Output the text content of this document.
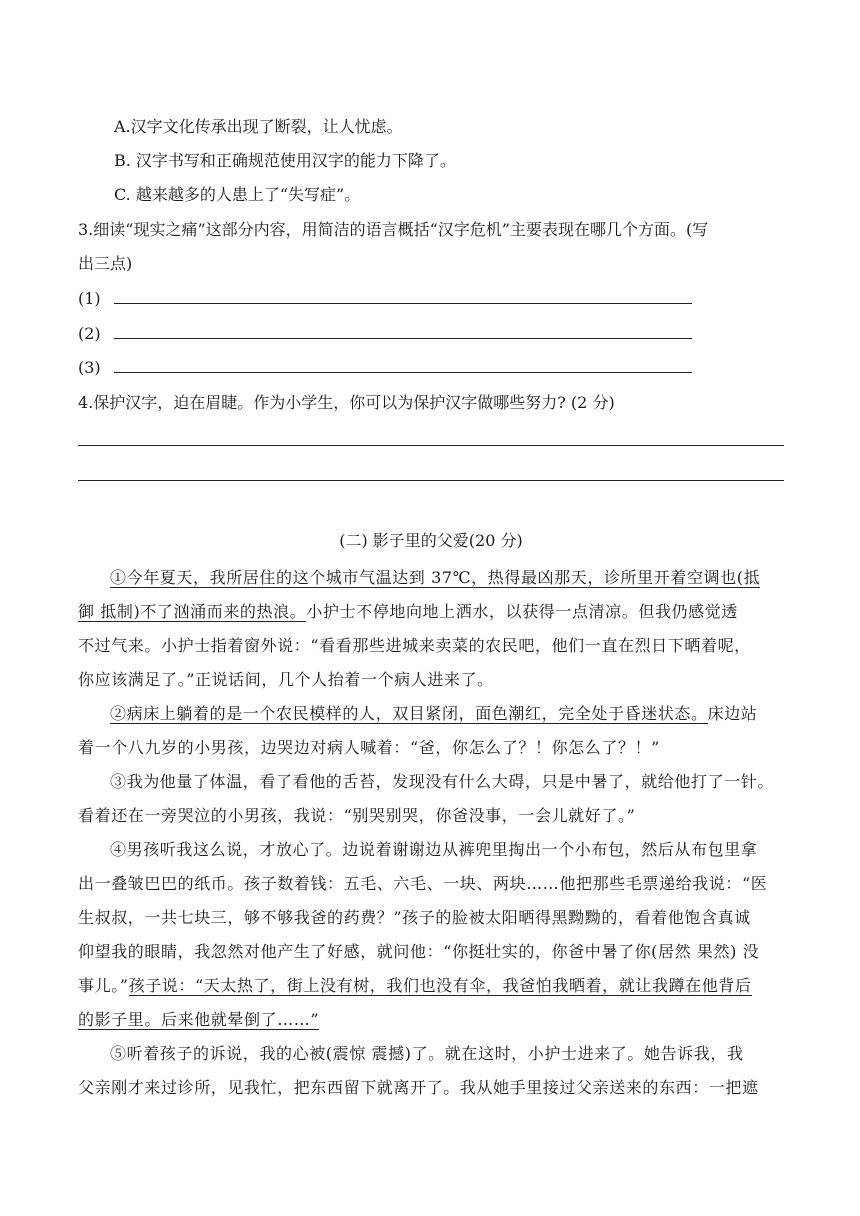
A.汉字文化传承出现了断裂，让人忧虑。
B. 汉字书写和正确规范使用汉字的能力下降了。
C. 越来越多的人患上了“失写症”。
3.细读“现实之痛”这部分内容，用简洁的语言概括“汉字危机”主要表现在哪几个方面。(写
出三点)
(1)
(2)
(3)
4.保护汉字，迫在眉睫。作为小学生，你可以为保护汉字做哪些努力? (2 分)
(二) 影子里的父爱(20 分)
①今年夏天，我所居住的这个城市气温达到 37℃，热得最凶那天，诊所里开着空调也(抵
御 抵制)不了汹涌而来的热浪。小护士不停地向地上洒水，以获得一点清凉。但我仍感觉透
不过气来。小护士指着窗外说：“看看那些进城来卖菜的农民吧，他们一直在烈日下晒着呢，
你应该满足了。”正说话间，几个人抬着一个病人进来了。
②病床上躺着的是一个农民模样的人，双目紧闭，面色潮红，完全处于昏迷状态。床边站
着一个八九岁的小男孩，边哭边对病人喊着：“爸，你怎么了？！你怎么了？！”
③我为他量了体温，看了看他的舌苔，发现没有什么大碍，只是中暑了，就给他打了一针。
看着还在一旁哭泣的小男孩，我说：“别哭别哭，你爸没事，一会儿就好了。”
④男孩听我这么说，才放心了。边说着谢谢边从裤兜里掏出一个小布包，然后从布包里拿
出一叠皱巴巴的纸币。孩子数着钱：五毛、六毛、一块、两块……他把那些毛票递给我说：“医
生叔叔，一共七块三，够不够我爸的药费？”孩子的脸被太阳晒得黑黝黝的，看着他饱含真诚
仰望我的眼睛，我忽然对他产生了好感，就问他：“你挺壮实的，你爸中暑了你(居然 果然) 没
事儿。”孩子说：“天太热了，街上没有树，我们也没有伞，我爸怕我晒着，就让我蹲在他背后
的影子里。后来他就晕倒了……”
⑤听着孩子的诉说，我的心被(震惊 震撼)了。就在这时，小护士进来了。她告诉我，我
父亲刚才来过诊所，见我忙，把东西留下就离开了。我从她手里接过父亲送来的东西：一把遮
